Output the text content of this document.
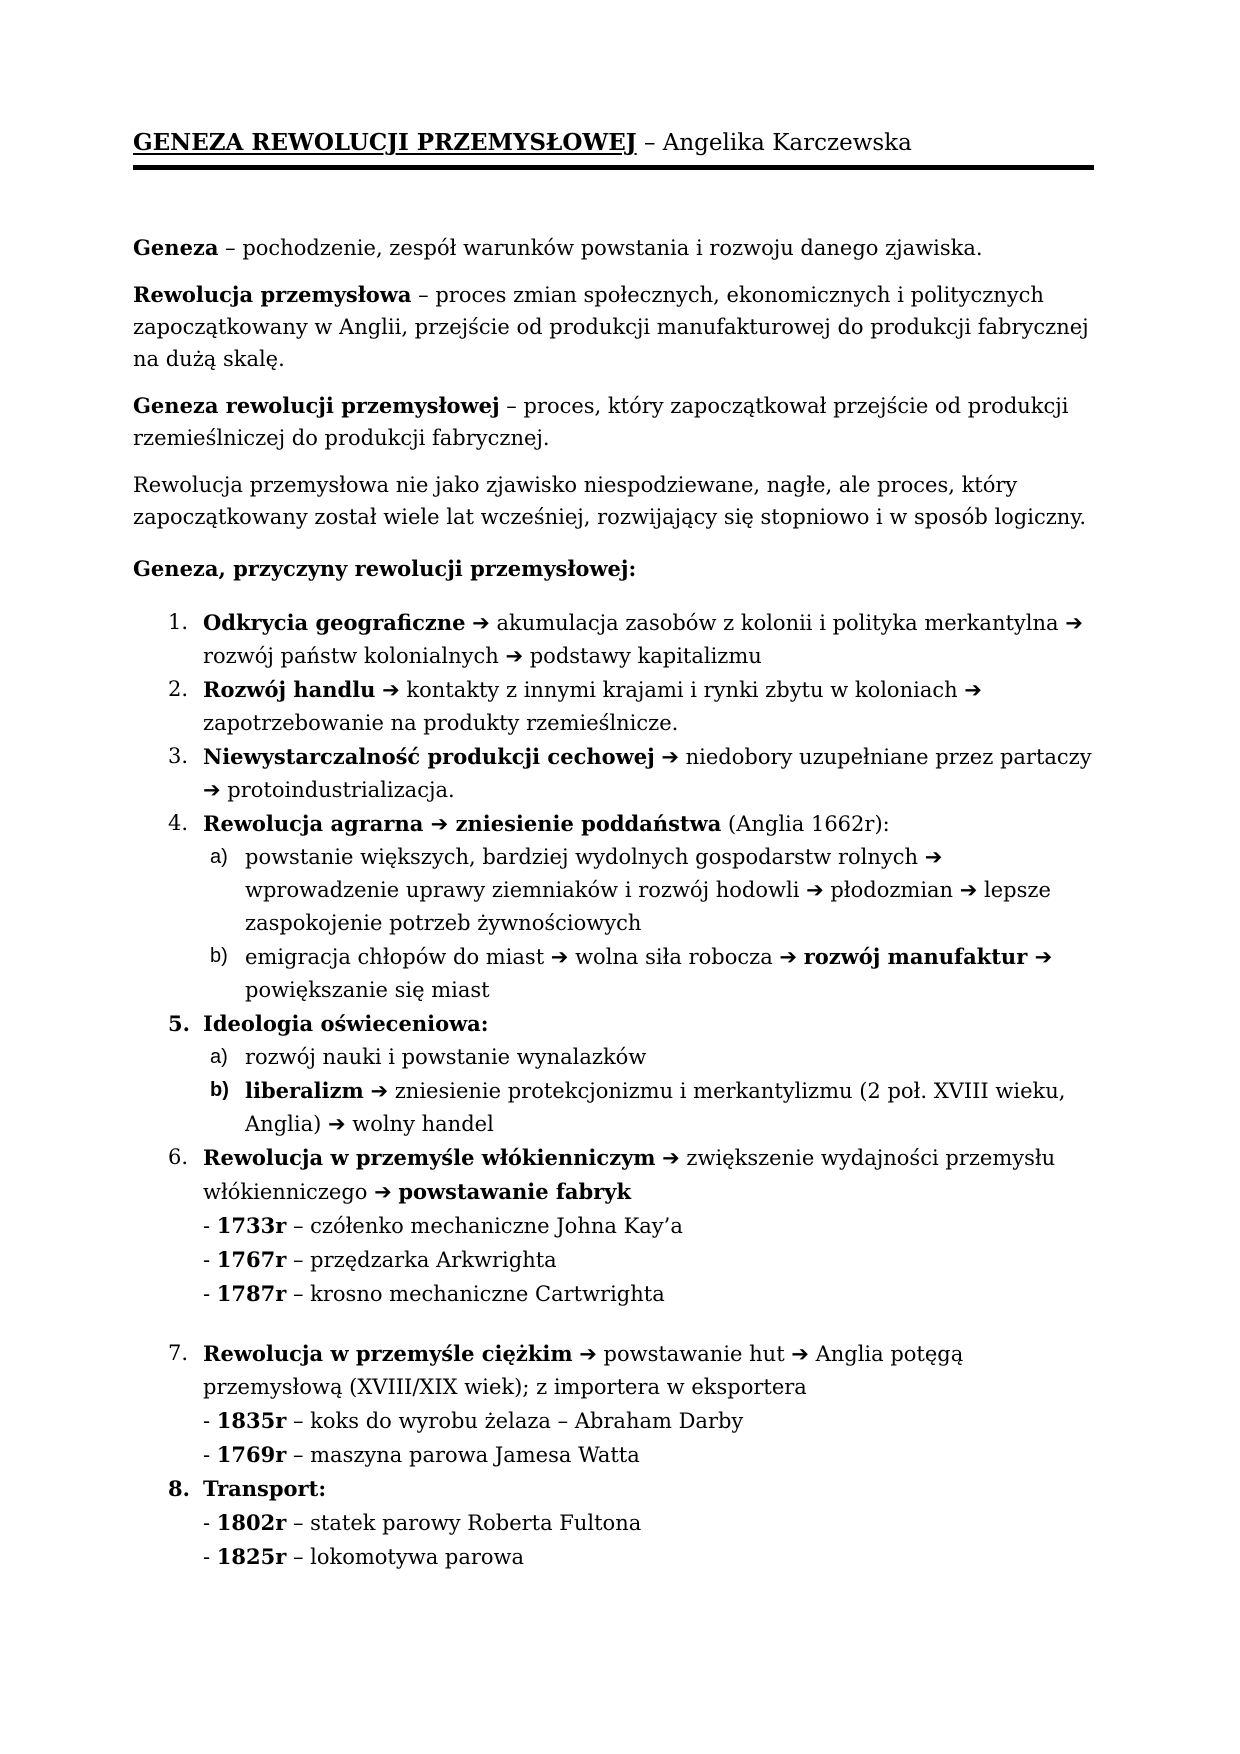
GENEZA REWOLUCJI PRZEMYSŁOWEJ – Angelika Karczewska

Geneza – pochodzenie, zespół warunków powstania i rozwoju danego zjawiska.

Rewolucja przemysłowa – proces zmian społecznych, ekonomicznych i politycznych zapoczątkowany w Anglii, przejście od produkcji manufakturowej do produkcji fabrycznej na dużą skalę.

Geneza rewolucji przemysłowej – proces, który zapoczątkował przejście od produkcji rzemieślniczej do produkcji fabrycznej.

Rewolucja przemysłowa nie jako zjawisko niespodziewane, nagłe, ale proces, który zapoczątkowany został wiele lat wcześniej, rozwijający się stopniowo i w sposób logiczny.

Geneza, przyczyny rewolucji przemysłowej:

1. Odkrycia geograficzne ➔ akumulacja zasobów z kolonii i polityka merkantylna ➔ rozwój państw kolonialnych ➔ podstawy kapitalizmu
2. Rozwój handlu ➔ kontakty z innymi krajami i rynki zbytu w koloniach ➔ zapotrzebowanie na produkty rzemieślnicze.
3. Niewystarczalność produkcji cechowej ➔ niedobory uzupełniane przez partaczy ➔ protoindustrializacja.
4. Rewolucja agrarna ➔ zniesienie poddaństwa (Anglia 1662r):
a) powstanie większych, bardziej wydolnych gospodarstw rolnych ➔ wprowadzenie uprawy ziemniaków i rozwój hodowli ➔ płodozmian ➔ lepsze zaspokojenie potrzeb żywnościowych
b) emigracja chłopów do miast ➔ wolna siła robocza ➔ rozwój manufaktur ➔ powiększanie się miast
5. Ideologia oświeceniowa:
a) rozwój nauki i powstanie wynalazków
b) liberalizm ➔ zniesienie protekcjonizmu i merkantylizmu (2 poł. XVIII wieku, Anglia) ➔ wolny handel
6. Rewolucja w przemyśle włókienniczym ➔ zwiększenie wydajności przemysłu włókienniczego ➔ powstawanie fabryk
- 1733r – czółenko mechaniczne Johna Kay’a
- 1767r – przędzarka Arkwrighta
- 1787r – krosno mechaniczne Cartwrighta
7. Rewolucja w przemyśle ciężkim ➔ powstawanie hut ➔ Anglia potęgą przemysłową (XVIII/XIX wiek); z importera w eksportera
- 1835r – koks do wyrobu żelaza – Abraham Darby
- 1769r – maszyna parowa Jamesa Watta
8. Transport:
- 1802r – statek parowy Roberta Fultona
- 1825r – lokomotywa parowa
